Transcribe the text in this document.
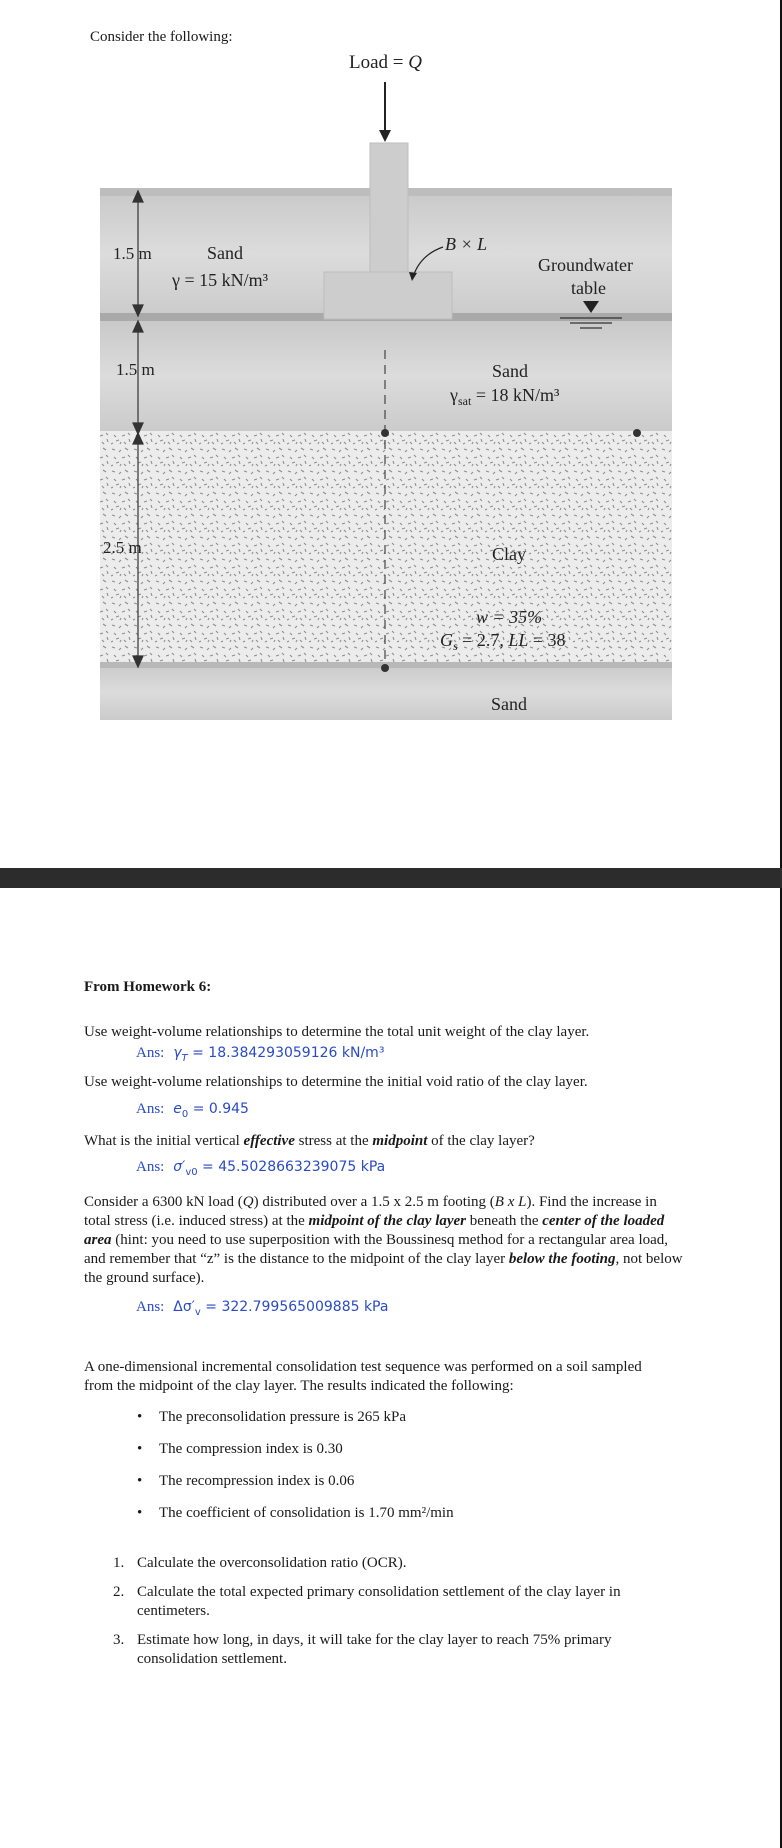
Consider the following:
Load = Q
B × L
1.5 m	Sand
γ = 15 kN/m³
Groundwater
table
1.5 m	Sand
$\gamma_{sat} = 18$ kN/m³
2.5 m	Clay
w = 35%
$G_s = 2.7$, LL = 38
Sand
From Homework 6:
Use weight-volume relationships to determine the total unit weight of the clay layer.
Ans: $\gamma_T = 18.384293059126$ kN/m³
Use weight-volume relationships to determine the initial void ratio of the clay layer.
Ans: $e_0 = 0.945$
What is the initial vertical effective stress at the midpoint of the clay layer?
Ans: $\sigma'_{v0} = 45.5028663239075$ kPa
Consider a 6300 kN load (Q) distributed over a 1.5 x 2.5 m footing (B x L). Find the increase in total stress (i.e. induced stress) at the midpoint of the clay layer beneath the center of the loaded area (hint: you need to use superposition with the Boussinesq method for a rectangular area load, and remember that “z” is the distance to the midpoint of the clay layer below the footing, not below the ground surface).
Ans: $\Delta\sigma'_v = 322.799565009885$ kPa
A one-dimensional incremental consolidation test sequence was performed on a soil sampled from the midpoint of the clay layer. The results indicated the following:
• The preconsolidation pressure is 265 kPa
• The compression index is 0.30
• The recompression index is 0.06
• The coefficient of consolidation is 1.70 mm²/min
1. Calculate the overconsolidation ratio (OCR).
2. Calculate the total expected primary consolidation settlement of the clay layer in centimeters.
3. Estimate how long, in days, it will take for the clay layer to reach 75% primary consolidation settlement.
